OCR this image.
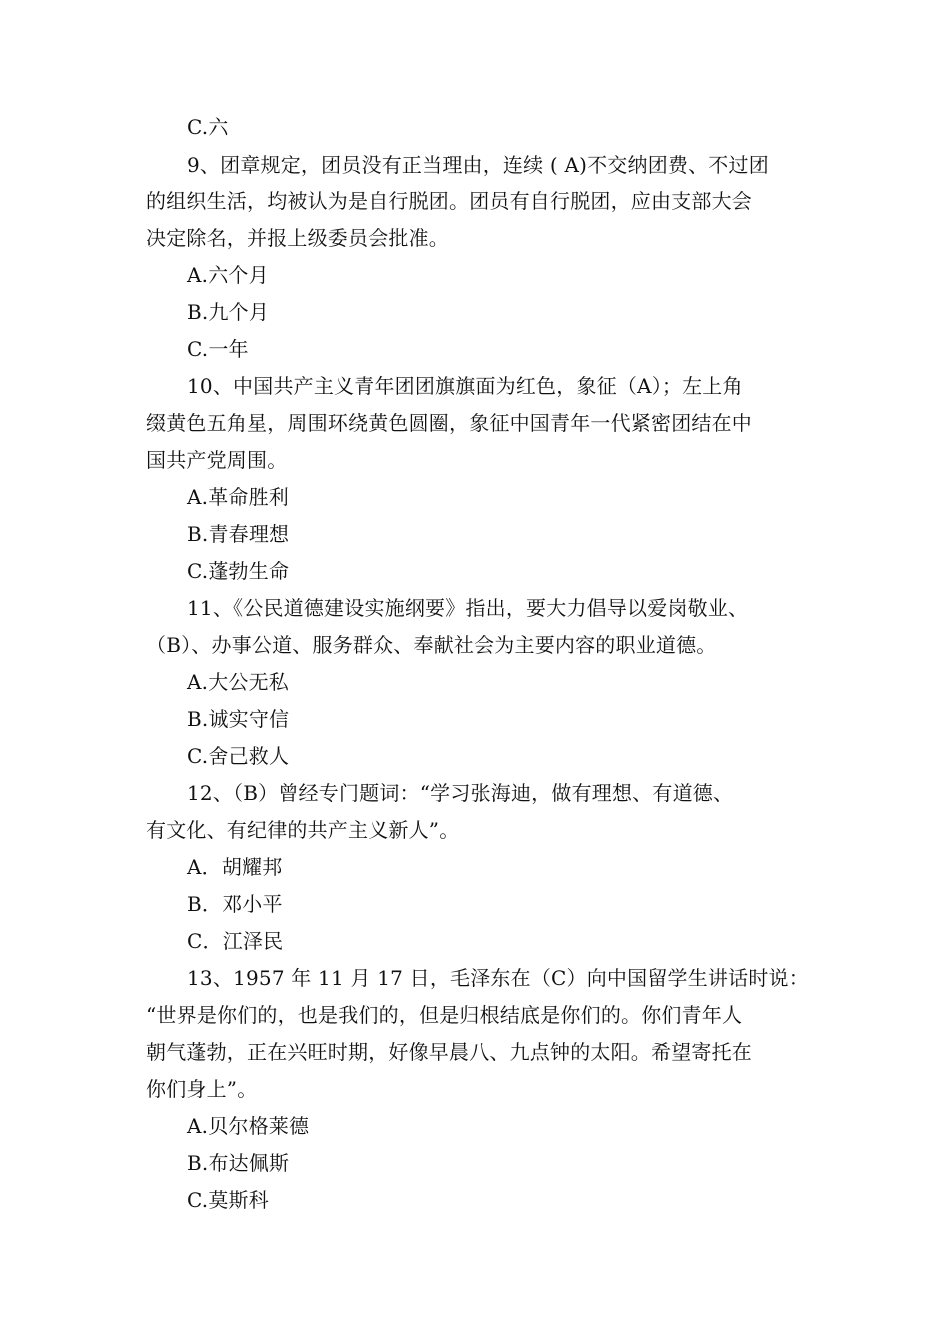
C.六
9、团章规定，团员没有正当理由，连续 ( A)不交纳团费、不过团
的组织生活，均被认为是自行脱团。团员有自行脱团，应由支部大会
决定除名，并报上级委员会批准。
A.六个月
B.九个月
C.一年
10、中国共产主义青年团团旗旗面为红色，象征（A）；左上角
缀黄色五角星，周围环绕黄色圆圈，象征中国青年一代紧密团结在中
国共产党周围。
A.革命胜利
B.青春理想
C.蓬勃生命
11、《公民道德建设实施纲要》指出，要大力倡导以爱岗敬业、
（B）、办事公道、服务群众、奉献社会为主要内容的职业道德。
A.大公无私
B.诚实守信
C.舍己救人
12、（B）曾经专门题词：“学习张海迪，做有理想、有道德、
有文化、有纪律的共产主义新人”。
A．胡耀邦
B．邓小平
C．江泽民
13、1957 年 11 月 17 日，毛泽东在（C）向中国留学生讲话时说：
“世界是你们的，也是我们的，但是归根结底是你们的。你们青年人
朝气蓬勃，正在兴旺时期，好像早晨八、九点钟的太阳。希望寄托在
你们身上”。
A.贝尔格莱德
B.布达佩斯
C.莫斯科
